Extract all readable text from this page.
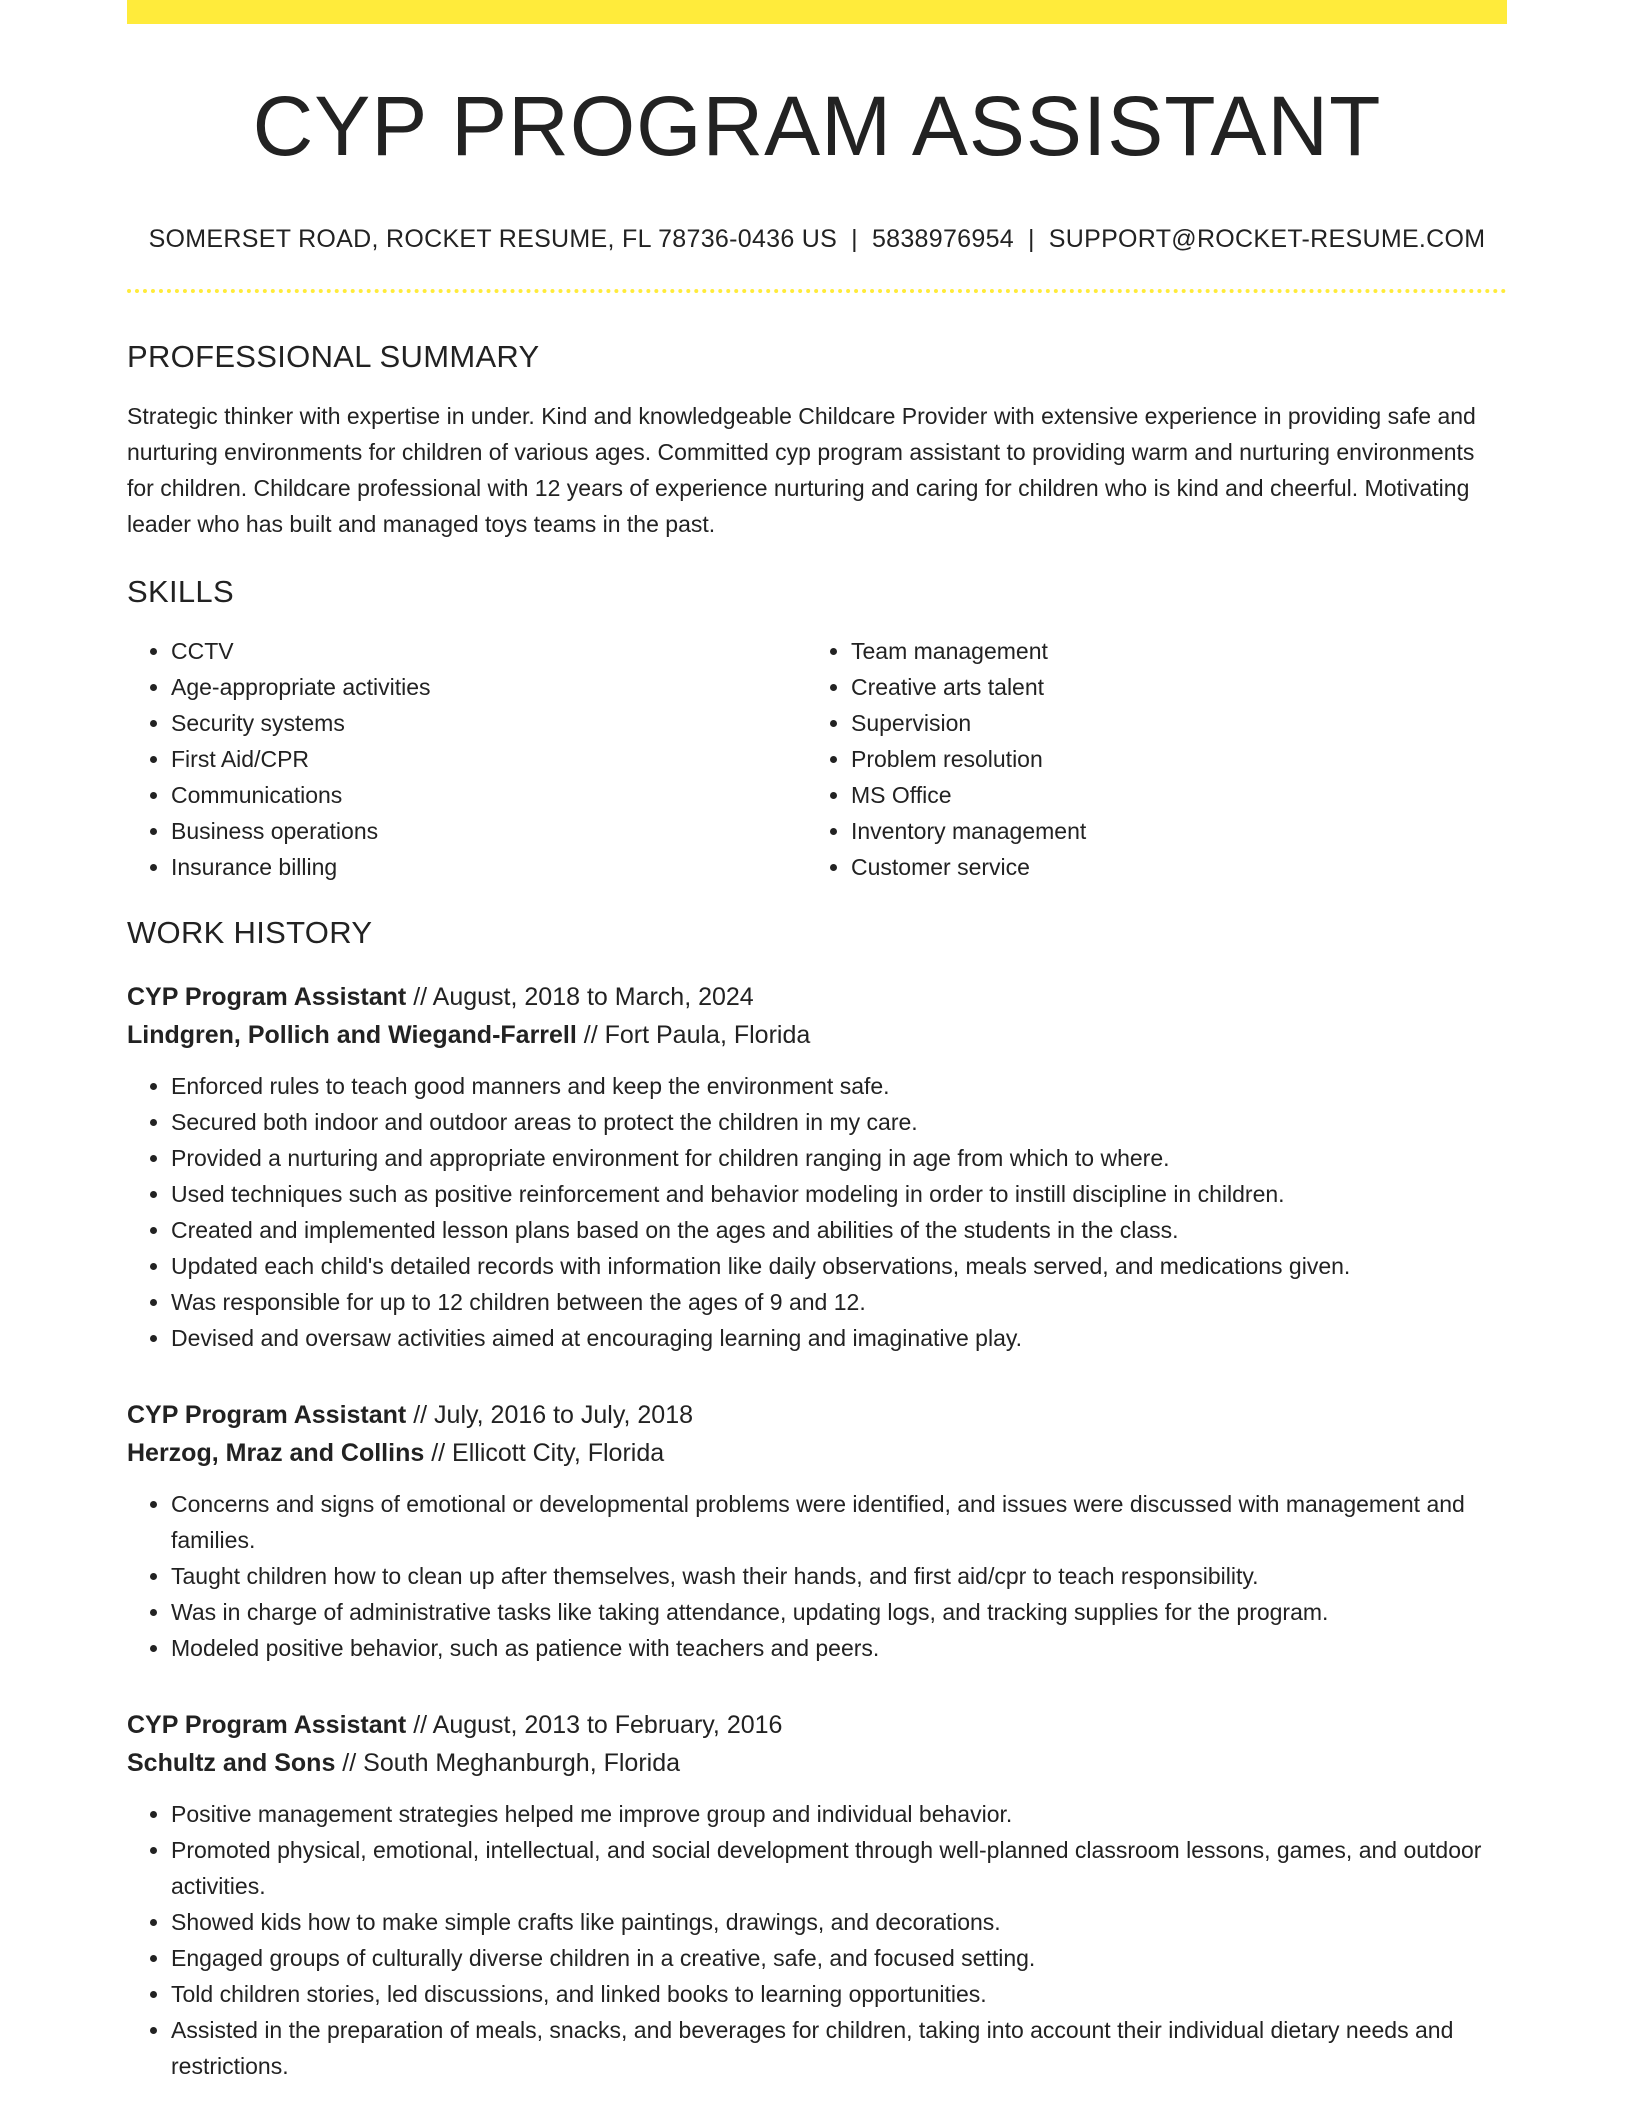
CYP PROGRAM ASSISTANT
SOMERSET ROAD, ROCKET RESUME, FL 78736-0436 US | 5838976954 | SUPPORT@ROCKET-RESUME.COM
PROFESSIONAL SUMMARY
Strategic thinker with expertise in under. Kind and knowledgeable Childcare Provider with extensive experience in providing safe and nurturing environments for children of various ages. Committed cyp program assistant to providing warm and nurturing environments for children. Childcare professional with 12 years of experience nurturing and caring for children who is kind and cheerful. Motivating leader who has built and managed toys teams in the past.
SKILLS
• CCTV
• Age-appropriate activities
• Security systems
• First Aid/CPR
• Communications
• Business operations
• Insurance billing
• Team management
• Creative arts talent
• Supervision
• Problem resolution
• MS Office
• Inventory management
• Customer service
WORK HISTORY
CYP Program Assistant // August, 2018 to March, 2024
Lindgren, Pollich and Wiegand-Farrell // Fort Paula, Florida
• Enforced rules to teach good manners and keep the environment safe.
• Secured both indoor and outdoor areas to protect the children in my care.
• Provided a nurturing and appropriate environment for children ranging in age from which to where.
• Used techniques such as positive reinforcement and behavior modeling in order to instill discipline in children.
• Created and implemented lesson plans based on the ages and abilities of the students in the class.
• Updated each child's detailed records with information like daily observations, meals served, and medications given.
• Was responsible for up to 12 children between the ages of 9 and 12.
• Devised and oversaw activities aimed at encouraging learning and imaginative play.
CYP Program Assistant // July, 2016 to July, 2018
Herzog, Mraz and Collins // Ellicott City, Florida
• Concerns and signs of emotional or developmental problems were identified, and issues were discussed with management and families.
• Taught children how to clean up after themselves, wash their hands, and first aid/cpr to teach responsibility.
• Was in charge of administrative tasks like taking attendance, updating logs, and tracking supplies for the program.
• Modeled positive behavior, such as patience with teachers and peers.
CYP Program Assistant // August, 2013 to February, 2016
Schultz and Sons // South Meghanburgh, Florida
• Positive management strategies helped me improve group and individual behavior.
• Promoted physical, emotional, intellectual, and social development through well-planned classroom lessons, games, and outdoor activities.
• Showed kids how to make simple crafts like paintings, drawings, and decorations.
• Engaged groups of culturally diverse children in a creative, safe, and focused setting.
• Told children stories, led discussions, and linked books to learning opportunities.
• Assisted in the preparation of meals, snacks, and beverages for children, taking into account their individual dietary needs and restrictions.
